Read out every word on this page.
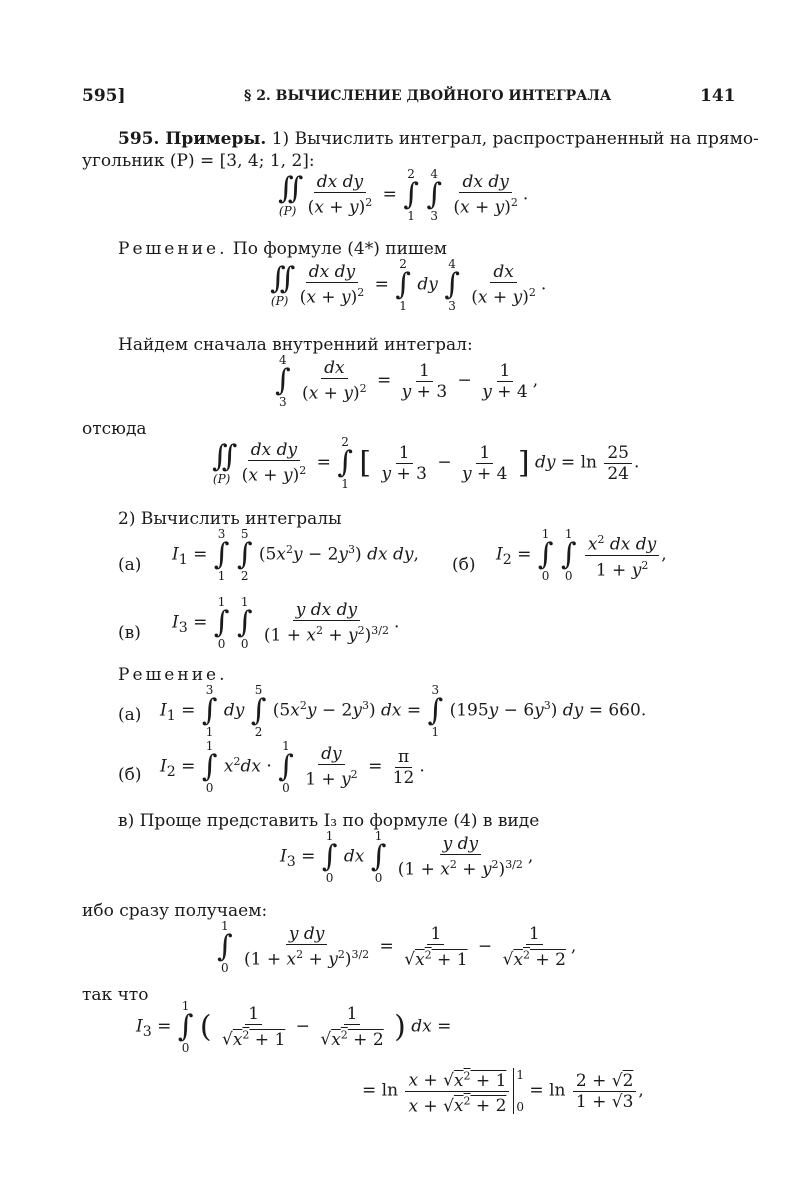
595]	§ 2. ВЫЧИСЛЕНИЕ ДВОЙНОГО ИНТЕГРАЛА	141
595. Примеры. 1) Вычислить интеграл, распространенный на прямо-
угольник (P) = [3, 4; 1, 2]:
∫∫
(P)
$\frac{\text{dx dy}}{(x + y)^2}$ =
2
∫
1

4
∫
3
$\frac{\text{dx dy}}{(x + y)^2}$ .
Решение. По формуле (4*) пишем
∫∫
(P)
$\frac{\text{dx dy}}{(x + y)^2}$ =
2
∫
1
dy
4
∫
3
$\frac{dx}{(x + y)^2}$ .
Найдем сначала внутренний интеграл:
4
∫
3
$\frac{dx}{(x + y)^2} = \frac{1}{y + 3} - \frac{1}{y + 4}$ ,
отсюда
∫∫
(P)
$\frac{\text{dx dy}}{(x + y)^2}$ =
2
∫
1
[ $\frac{1}{y + 3} - \frac{1}{y + 4}$ ] dy = $\ln \frac{25}{24}$ .
2) Вычислить интегралы
(а)
$I_1$ =
3
∫
1

5
∫
2
$(5x^2y - 2y^3)$ dx dy,
(б)
$I_2$ =
1
∫
0

1
∫
0
$\frac{x^2 dx dy}{1 + y^2}$ ,
(в)
$I_3$ =
1
∫
0

1
∫
0
$\frac{\text{y dx dy}}{(1 + x^2 + y^2)^{3/2}}$ .
Решение.
(а) $I_1$ =
3
∫
1
dy
5
∫
2
$(5x^2y - 2y^3)$ dx =
3
∫
1
$(195y - 6y^3)$ dy = 660.
(б) $I_2$ =
1
∫
0
$x^2dx$ ·
1
∫
0
$\frac{dy}{1 + y^2} = \frac{\pi}{12}$ .
в) Проще представить I₃ по формуле (4) в виде
$I_3$ =
1
∫
0
dx
1
∫
0
$\frac{\text{y dy}}{(1 + x^2 + y^2)^{3/2}}$ ,
ибо сразу получаем:
1
∫
0
$\frac{\text{y dy}}{(1 + x^2 + y^2)^{3/2}} = \frac{1}{√x^2 + 1} - \frac{1}{√x^2 + 2}$ ,
так что
$I_3$ =
1
∫
0
( $\frac{1}{√x^2 + 1} - \frac{1}{√x^2 + 2}$ ) dx =
= $\ln \frac{x + √x^2 + 1}{x + √x^2 + 2} 1$
0
= $\ln \frac{2 + √2}{1 + √3}$ ,
